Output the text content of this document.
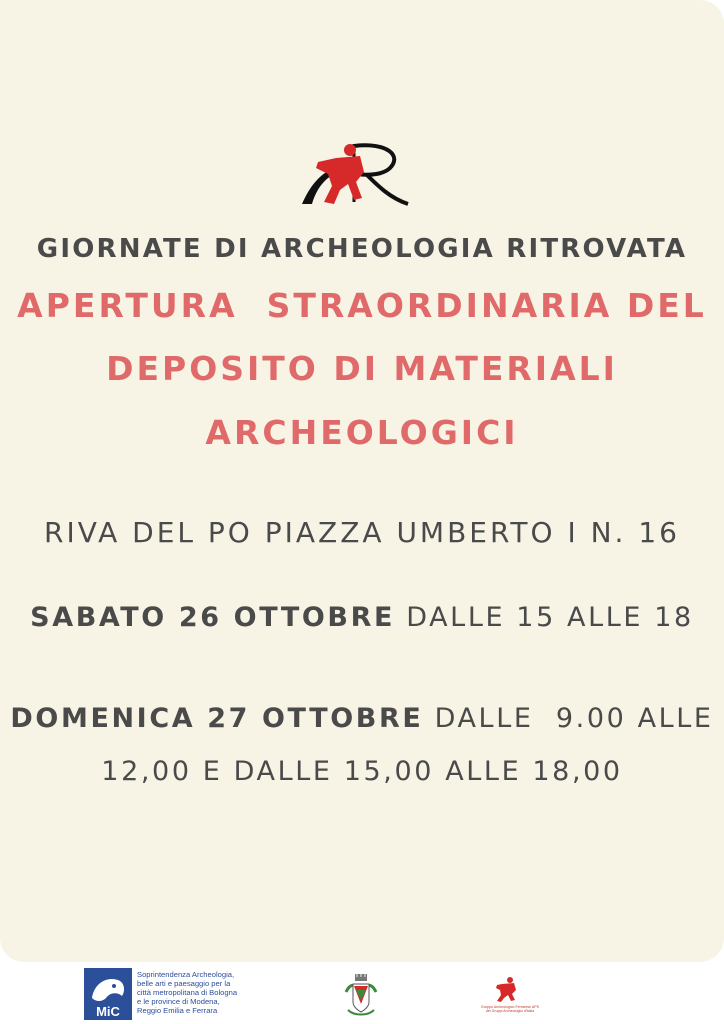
GIORNATE DI ARCHEOLOGIA RITROVATA
APERTURA  STRAORDINARIA DEL
DEPOSITO DI MATERIALI
ARCHEOLOGICI
RIVA DEL PO PIAZZA UMBERTO I N. 16
SABATO 26 OTTOBRE DALLE 15 ALLE 18
DOMENICA 27 OTTOBRE DALLE  9.00 ALLE
12,00 E DALLE 15,00 ALLE 18,00
MiC
Soprintendenza Archeologia,
belle arti e paesaggio per la
città metropolitana di Bologna
e le province di Modena,
Reggio Emilia e Ferrara	Gruppo Archeologico Ferrarese APS
dei Gruppi Archeologici d'Italia
